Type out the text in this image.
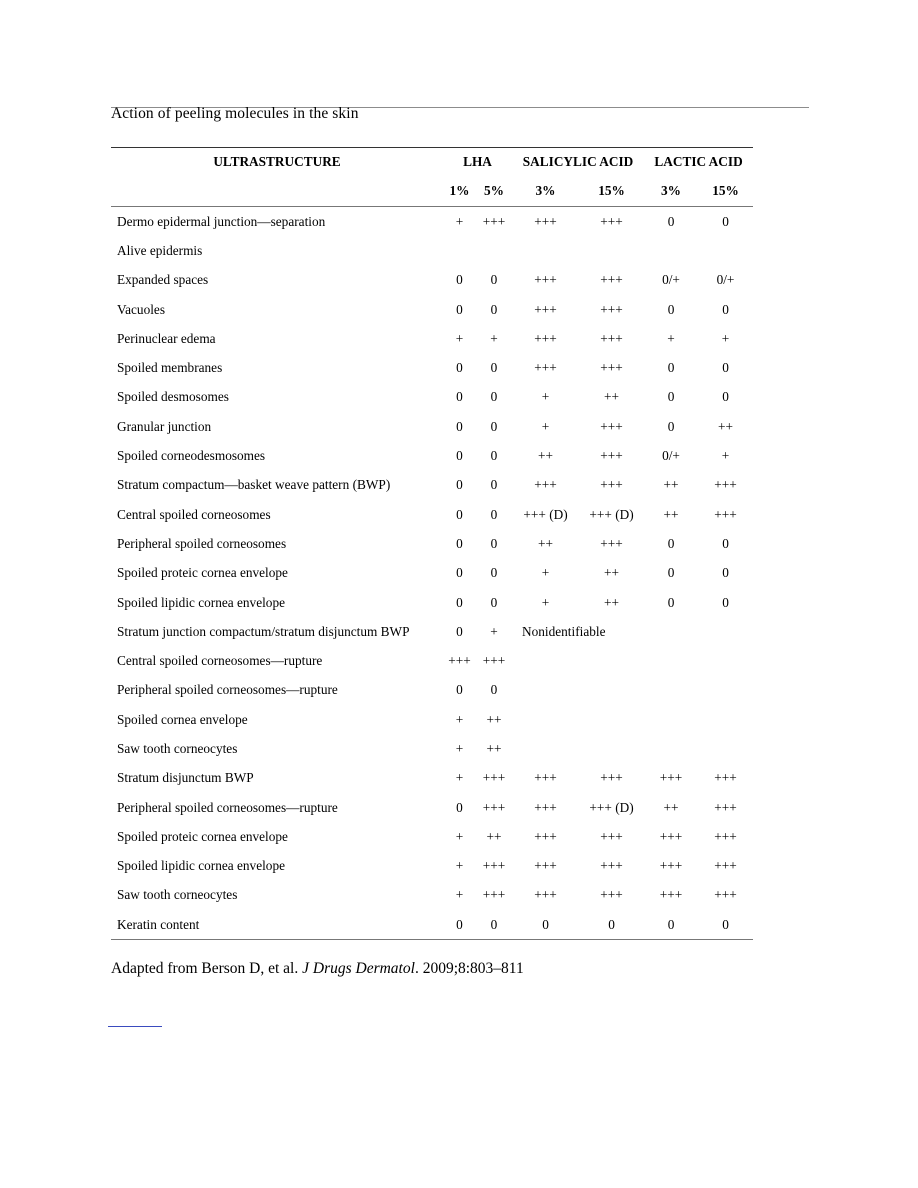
Action of peeling molecules in the skin
ULTRASTRUCTURE	LHA		SALICYLIC ACID		LACTIC ACID	
	1%	5%	3%	15%	3%	15%
Dermo epidermal junction—separation	+	+++	+++	+++	0	0
Alive epidermis						
Expanded spaces	0	0	+++	+++	0/+	0/+
Vacuoles	0	0	+++	+++	0	0
Perinuclear edema	+	+	+++	+++	+	+
Spoiled membranes	0	0	+++	+++	0	0
Spoiled desmosomes	0	0	+	++	0	0
Granular junction	0	0	+	+++	0	++
Spoiled corneodesmosomes	0	0	++	+++	0/+	+
Stratum compactum—basket weave pattern (BWP)	0	0	+++	+++	++	+++
Central spoiled corneosomes	0	0	+++ (D)	+++ (D)	++	+++
Peripheral spoiled corneosomes	0	0	++	+++	0	0
Spoiled proteic cornea envelope	0	0	+	++	0	0
Spoiled lipidic cornea envelope	0	0	+	++	0	0
Stratum junction compactum/stratum disjunctum BWP	0	+	Nonidentifiable			
Central spoiled corneosomes—rupture	+++	+++				
Peripheral spoiled corneosomes—rupture	0	0				
Spoiled cornea envelope	+	++				
Saw tooth corneocytes	+	++				
Stratum disjunctum BWP	+	+++	+++	+++	+++	+++
Peripheral spoiled corneosomes—rupture	0	+++	+++	+++ (D)	++	+++
Spoiled proteic cornea envelope	+	++	+++	+++	+++	+++
Spoiled lipidic cornea envelope	+	+++	+++	+++	+++	+++
Saw tooth corneocytes	+	+++	+++	+++	+++	+++
Keratin content	0	0	0	0	0	0
Adapted from Berson D, et al. J Drugs Dermatol. 2009;8:803–811
